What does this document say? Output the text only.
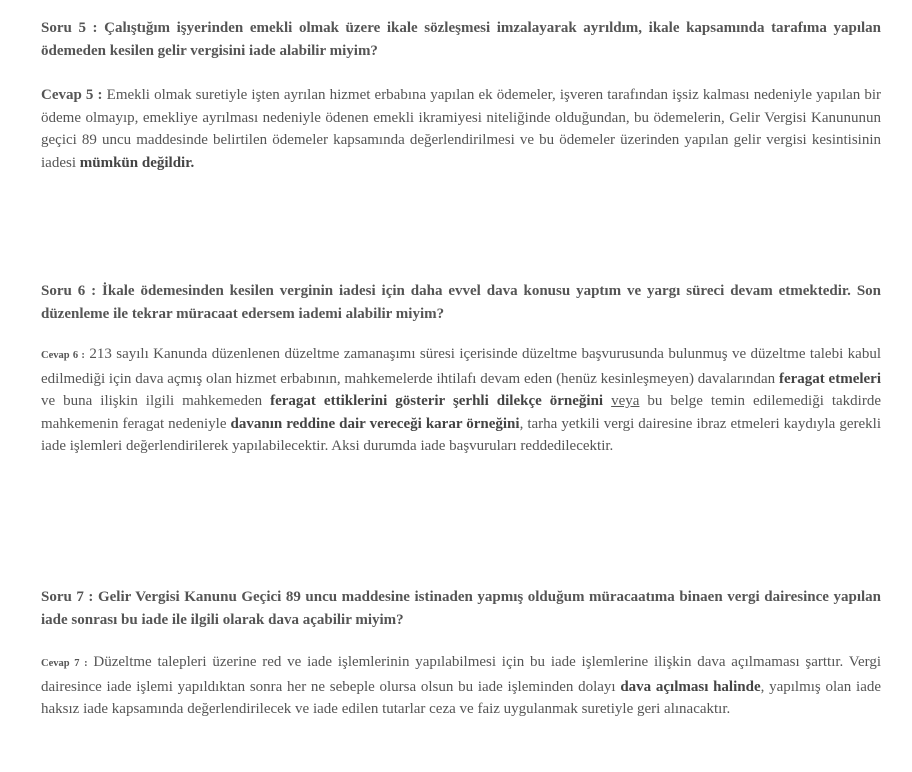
Soru 5 : Çalıştığım işyerinden emekli olmak üzere ikale sözleşmesi imzalayarak ayrıldım, ikale kapsamında tarafıma yapılan ödemeden kesilen gelir vergisini iade alabilir miyim?

Cevap 5 : Emekli olmak suretiyle işten ayrılan hizmet erbabına yapılan ek ödemeler, işveren tarafından işsiz kalması nedeniyle yapılan bir ödeme olmayıp, emekliye ayrılması nedeniyle ödenen emekli ikramiyesi niteliğinde olduğundan, bu ödemelerin, Gelir Vergisi Kanununun geçici 89 uncu maddesinde belirtilen ödemeler kapsamında değerlendirilmesi ve bu ödemeler üzerinden yapılan gelir vergisi kesintisinin iadesi mümkün değildir.

Soru 6 : İkale ödemesinden kesilen verginin iadesi için daha evvel dava konusu yaptım ve yargı süreci devam etmektedir. Son düzenleme ile tekrar müracaat edersem iademi alabilir miyim?

Cevap 6 : 213 sayılı Kanunda düzenlenen düzeltme zamanaşımı süresi içerisinde düzeltme başvurusunda bulunmuş ve düzeltme talebi kabul edilmediği için dava açmış olan hizmet erbabının, mahkemelerde ihtilafı devam eden (henüz kesinleşmeyen) davalarından feragat etmeleri ve buna ilişkin ilgili mahkemeden feragat ettiklerini gösterir şerhli dilekçe örneğini veya bu belge temin edilemediği takdirde mahkemenin feragat nedeniyle davanın reddine dair vereceği karar örneğini, tarha yetkili vergi dairesine ibraz etmeleri kaydıyla gerekli iade işlemleri değerlendirilerek yapılabilecektir. Aksi durumda iade başvuruları reddedilecektir.

Soru 7 : Gelir Vergisi Kanunu Geçici 89 uncu maddesine istinaden yapmış olduğum müracaatıma binaen vergi dairesince yapılan iade sonrası bu iade ile ilgili olarak dava açabilir miyim?

Cevap 7 : Düzeltme talepleri üzerine red ve iade işlemlerinin yapılabilmesi için bu iade işlemlerine ilişkin dava açılmaması şarttır. Vergi dairesince iade işlemi yapıldıktan sonra her ne sebeple olursa olsun bu iade işleminden dolayı dava açılması halinde, yapılmış olan iade haksız iade kapsamında değerlendirilecek ve iade edilen tutarlar ceza ve faiz uygulanmak suretiyle geri alınacaktır.
